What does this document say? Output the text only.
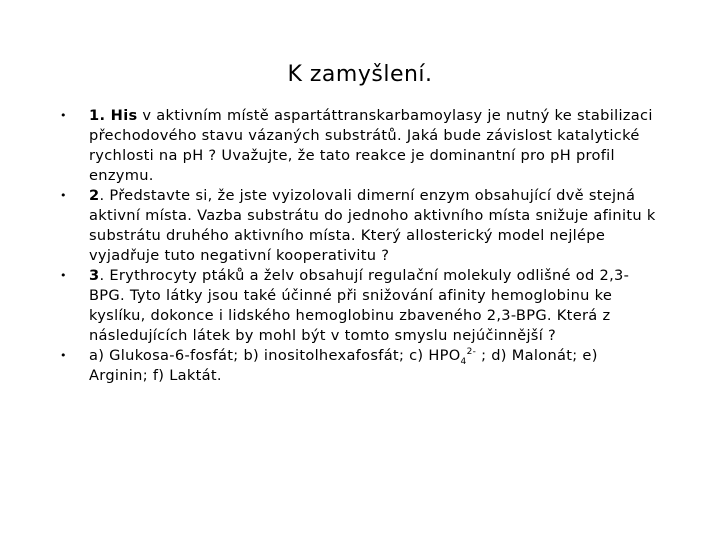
K zamyšlení.
• 1. His v aktivním místě aspartáttranskarbamoylasy je nutný ke stabilizaci přechodového stavu vázaných substrátů. Jaká bude závislost katalytické rychlosti na pH ? Uvažujte, že tato reakce je dominantní pro pH profil enzymu.
• 2. Představte si, že jste vyizolovali dimerní enzym obsahující dvě stejná aktivní místa. Vazba substrátu do jednoho aktivního místa snižuje afinitu k substrátu druhého aktivního místa. Který allosterický model nejlépe vyjadřuje tuto negativní kooperativitu ?
• 3. Erythrocyty ptáků a želv obsahují regulační molekuly odlišné od 2,3-BPG. Tyto látky jsou také účinné při snižování afinity hemoglobinu ke kyslíku, dokonce i lidského hemoglobinu zbaveného 2,3-BPG. Která z následujících látek by mohl být v tomto smyslu nejúčinnější ?
• a) Glukosa-6-fosfát; b) inositolhexafosfát; c) $HPO_4^{2-}$ ; d) Malonát; e) Arginin; f) Laktát.
